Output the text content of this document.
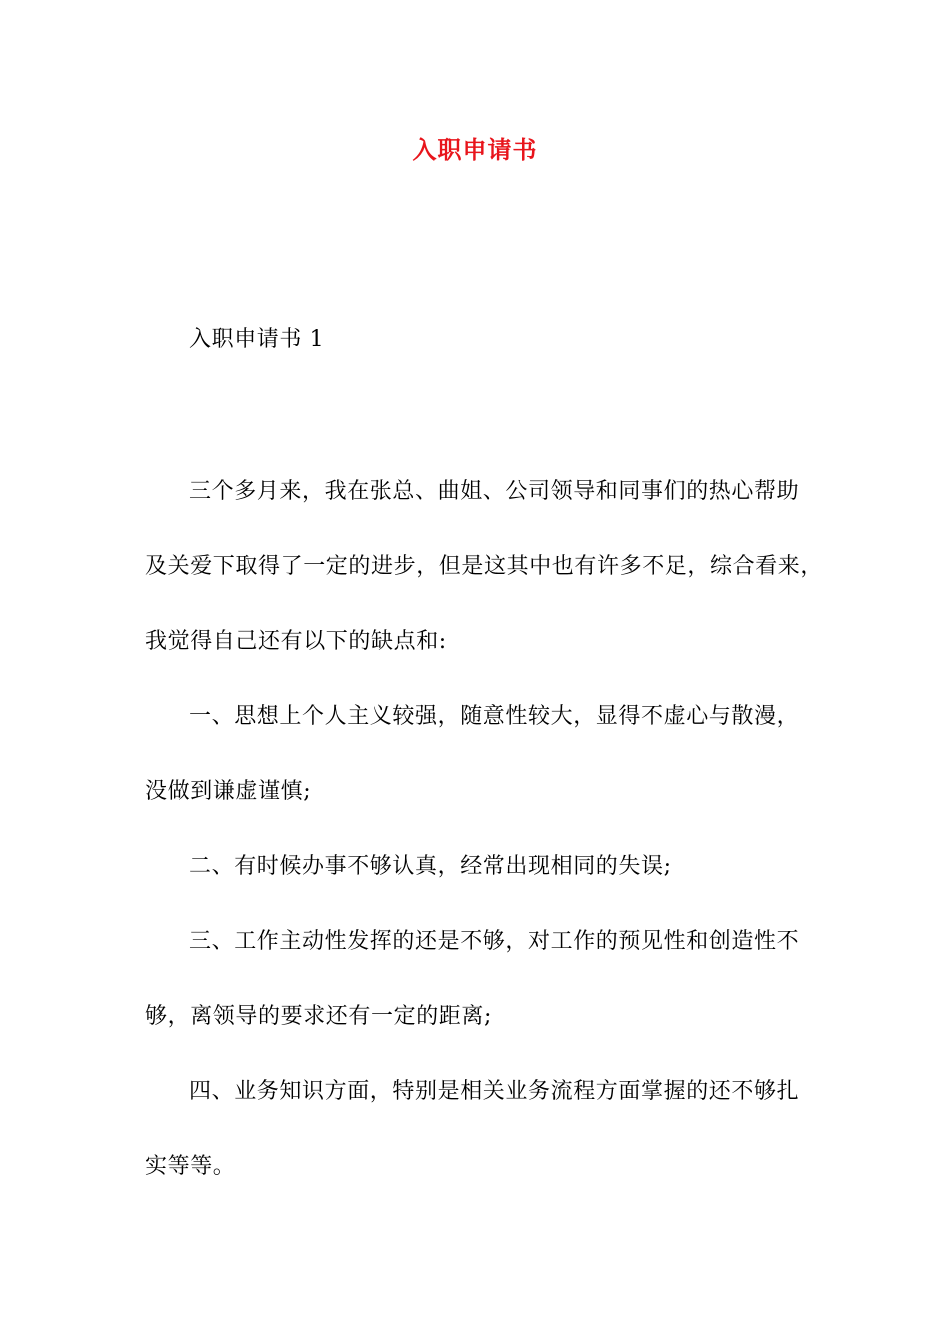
入职申请书
入职申请书 1
三个多月来，我在张总、曲姐、公司领导和同事们的热心帮助
及关爱下取得了一定的进步，但是这其中也有许多不足，综合看来，
我觉得自己还有以下的缺点和:
一、思想上个人主义较强，随意性较大，显得不虚心与散漫，
没做到谦虚谨慎;
二、有时候办事不够认真，经常出现相同的失误;
三、工作主动性发挥的还是不够，对工作的预见性和创造性不
够，离领导的要求还有一定的距离;
四、业务知识方面，特别是相关业务流程方面掌握的还不够扎
实等等。
